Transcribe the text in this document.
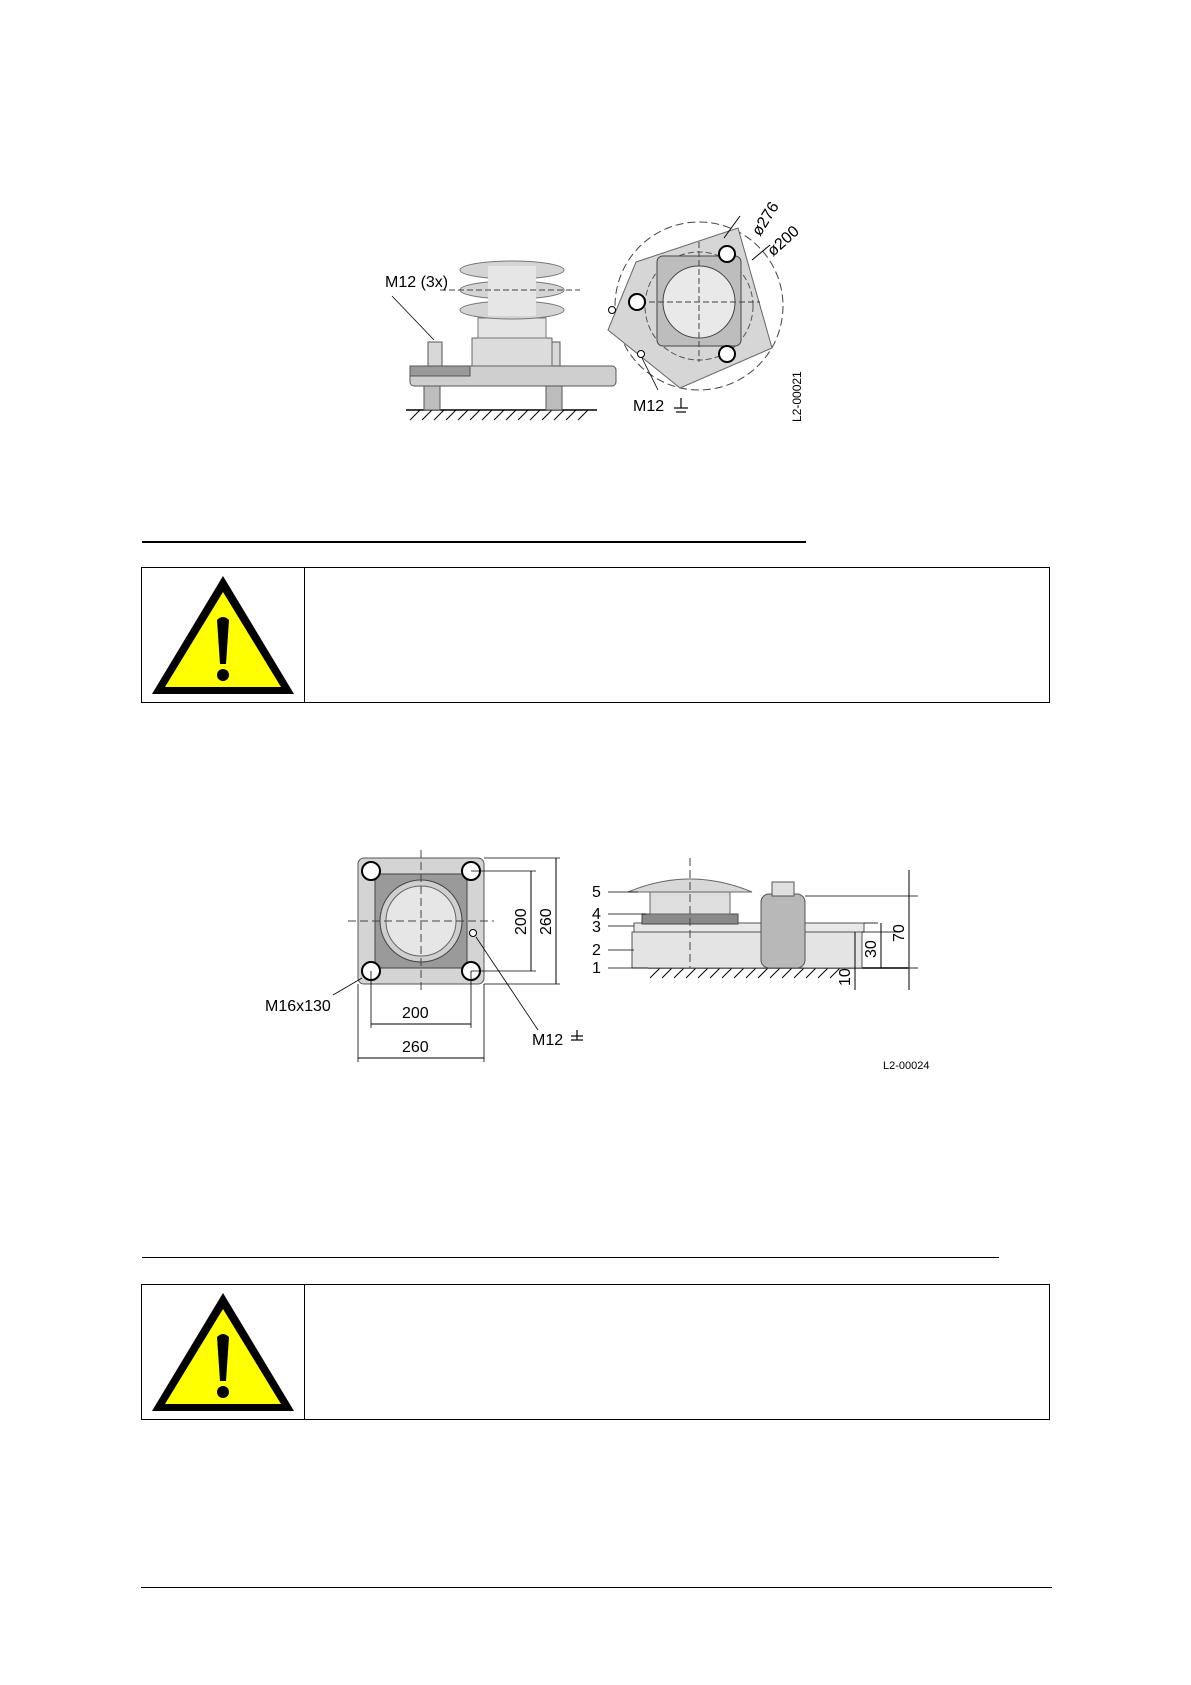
M12 (3x)
ø276
ø200
M12	L2-00021
200 260
200
260
M16x130
M12
5
4
3
2
1	10
30
70
L2-00024
